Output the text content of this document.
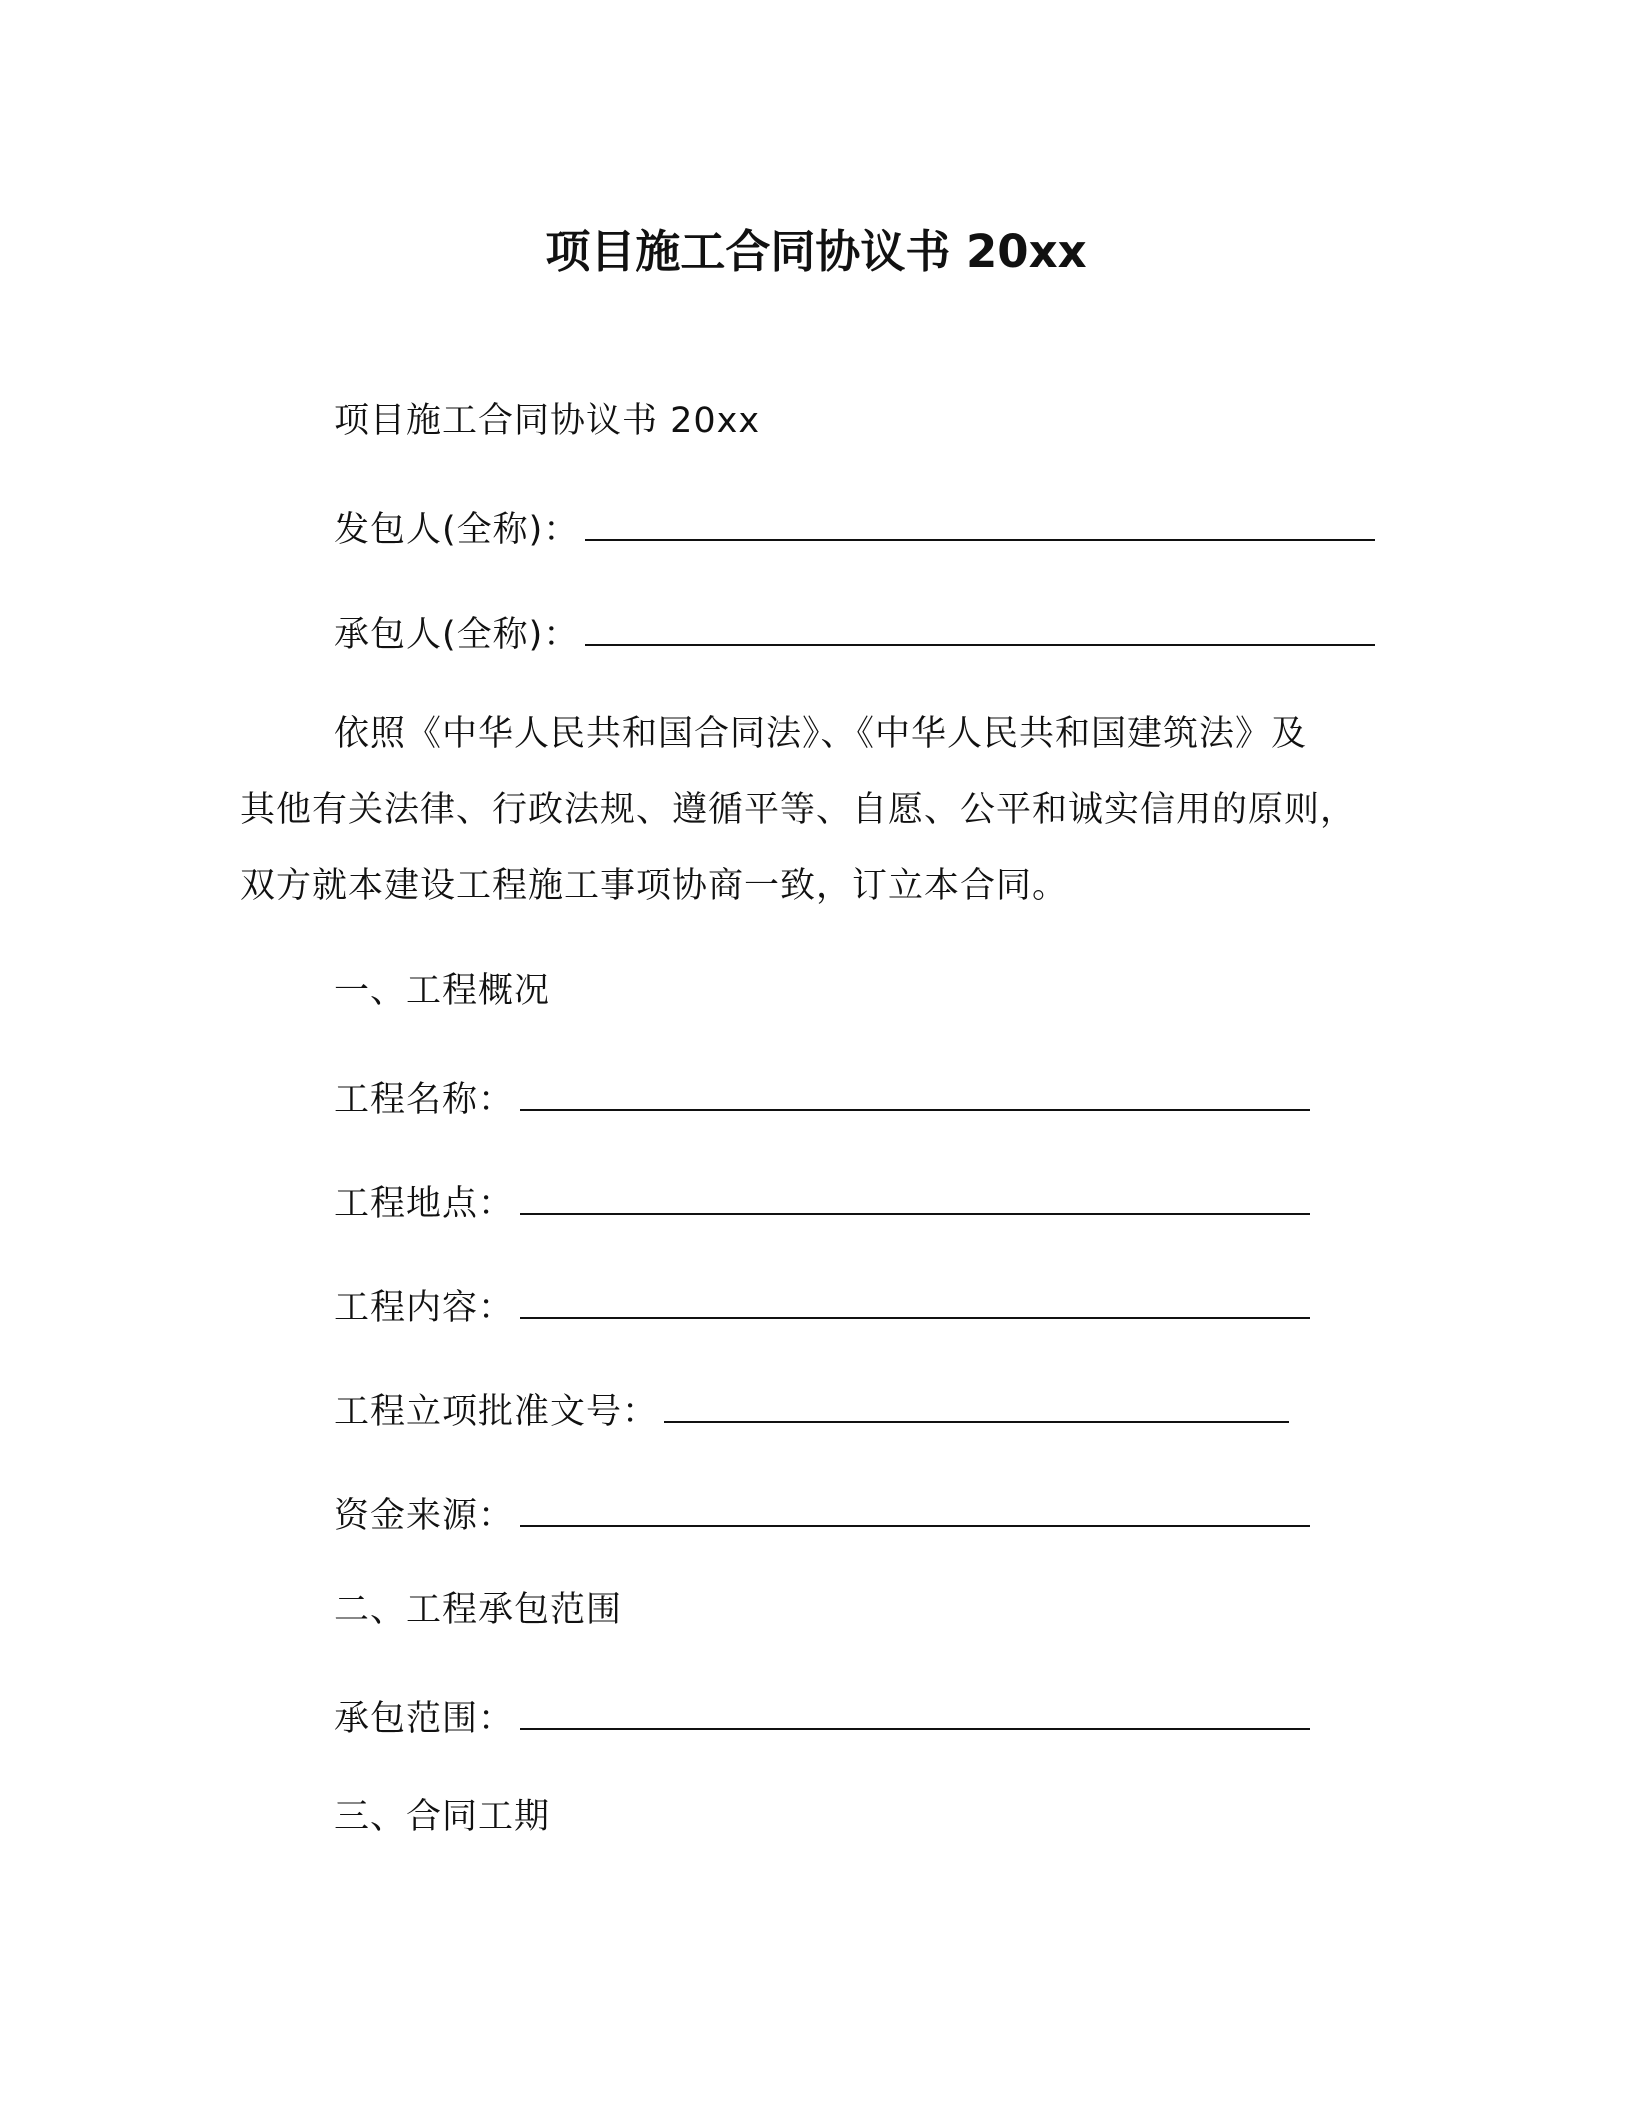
项目施工合同协议书 20xx
项目施工合同协议书 20xx
发包人(全称)：
承包人(全称)：
依照《中华人民共和国合同法》、《中华人民共和国建筑法》及
其他有关法律、行政法规、遵循平等、自愿、公平和诚实信用的原则，
双方就本建设工程施工事项协商一致，订立本合同。
一、工程概况
工程名称：
工程地点：
工程内容：
工程立项批准文号：
资金来源：
二、工程承包范围
承包范围：
三、合同工期
